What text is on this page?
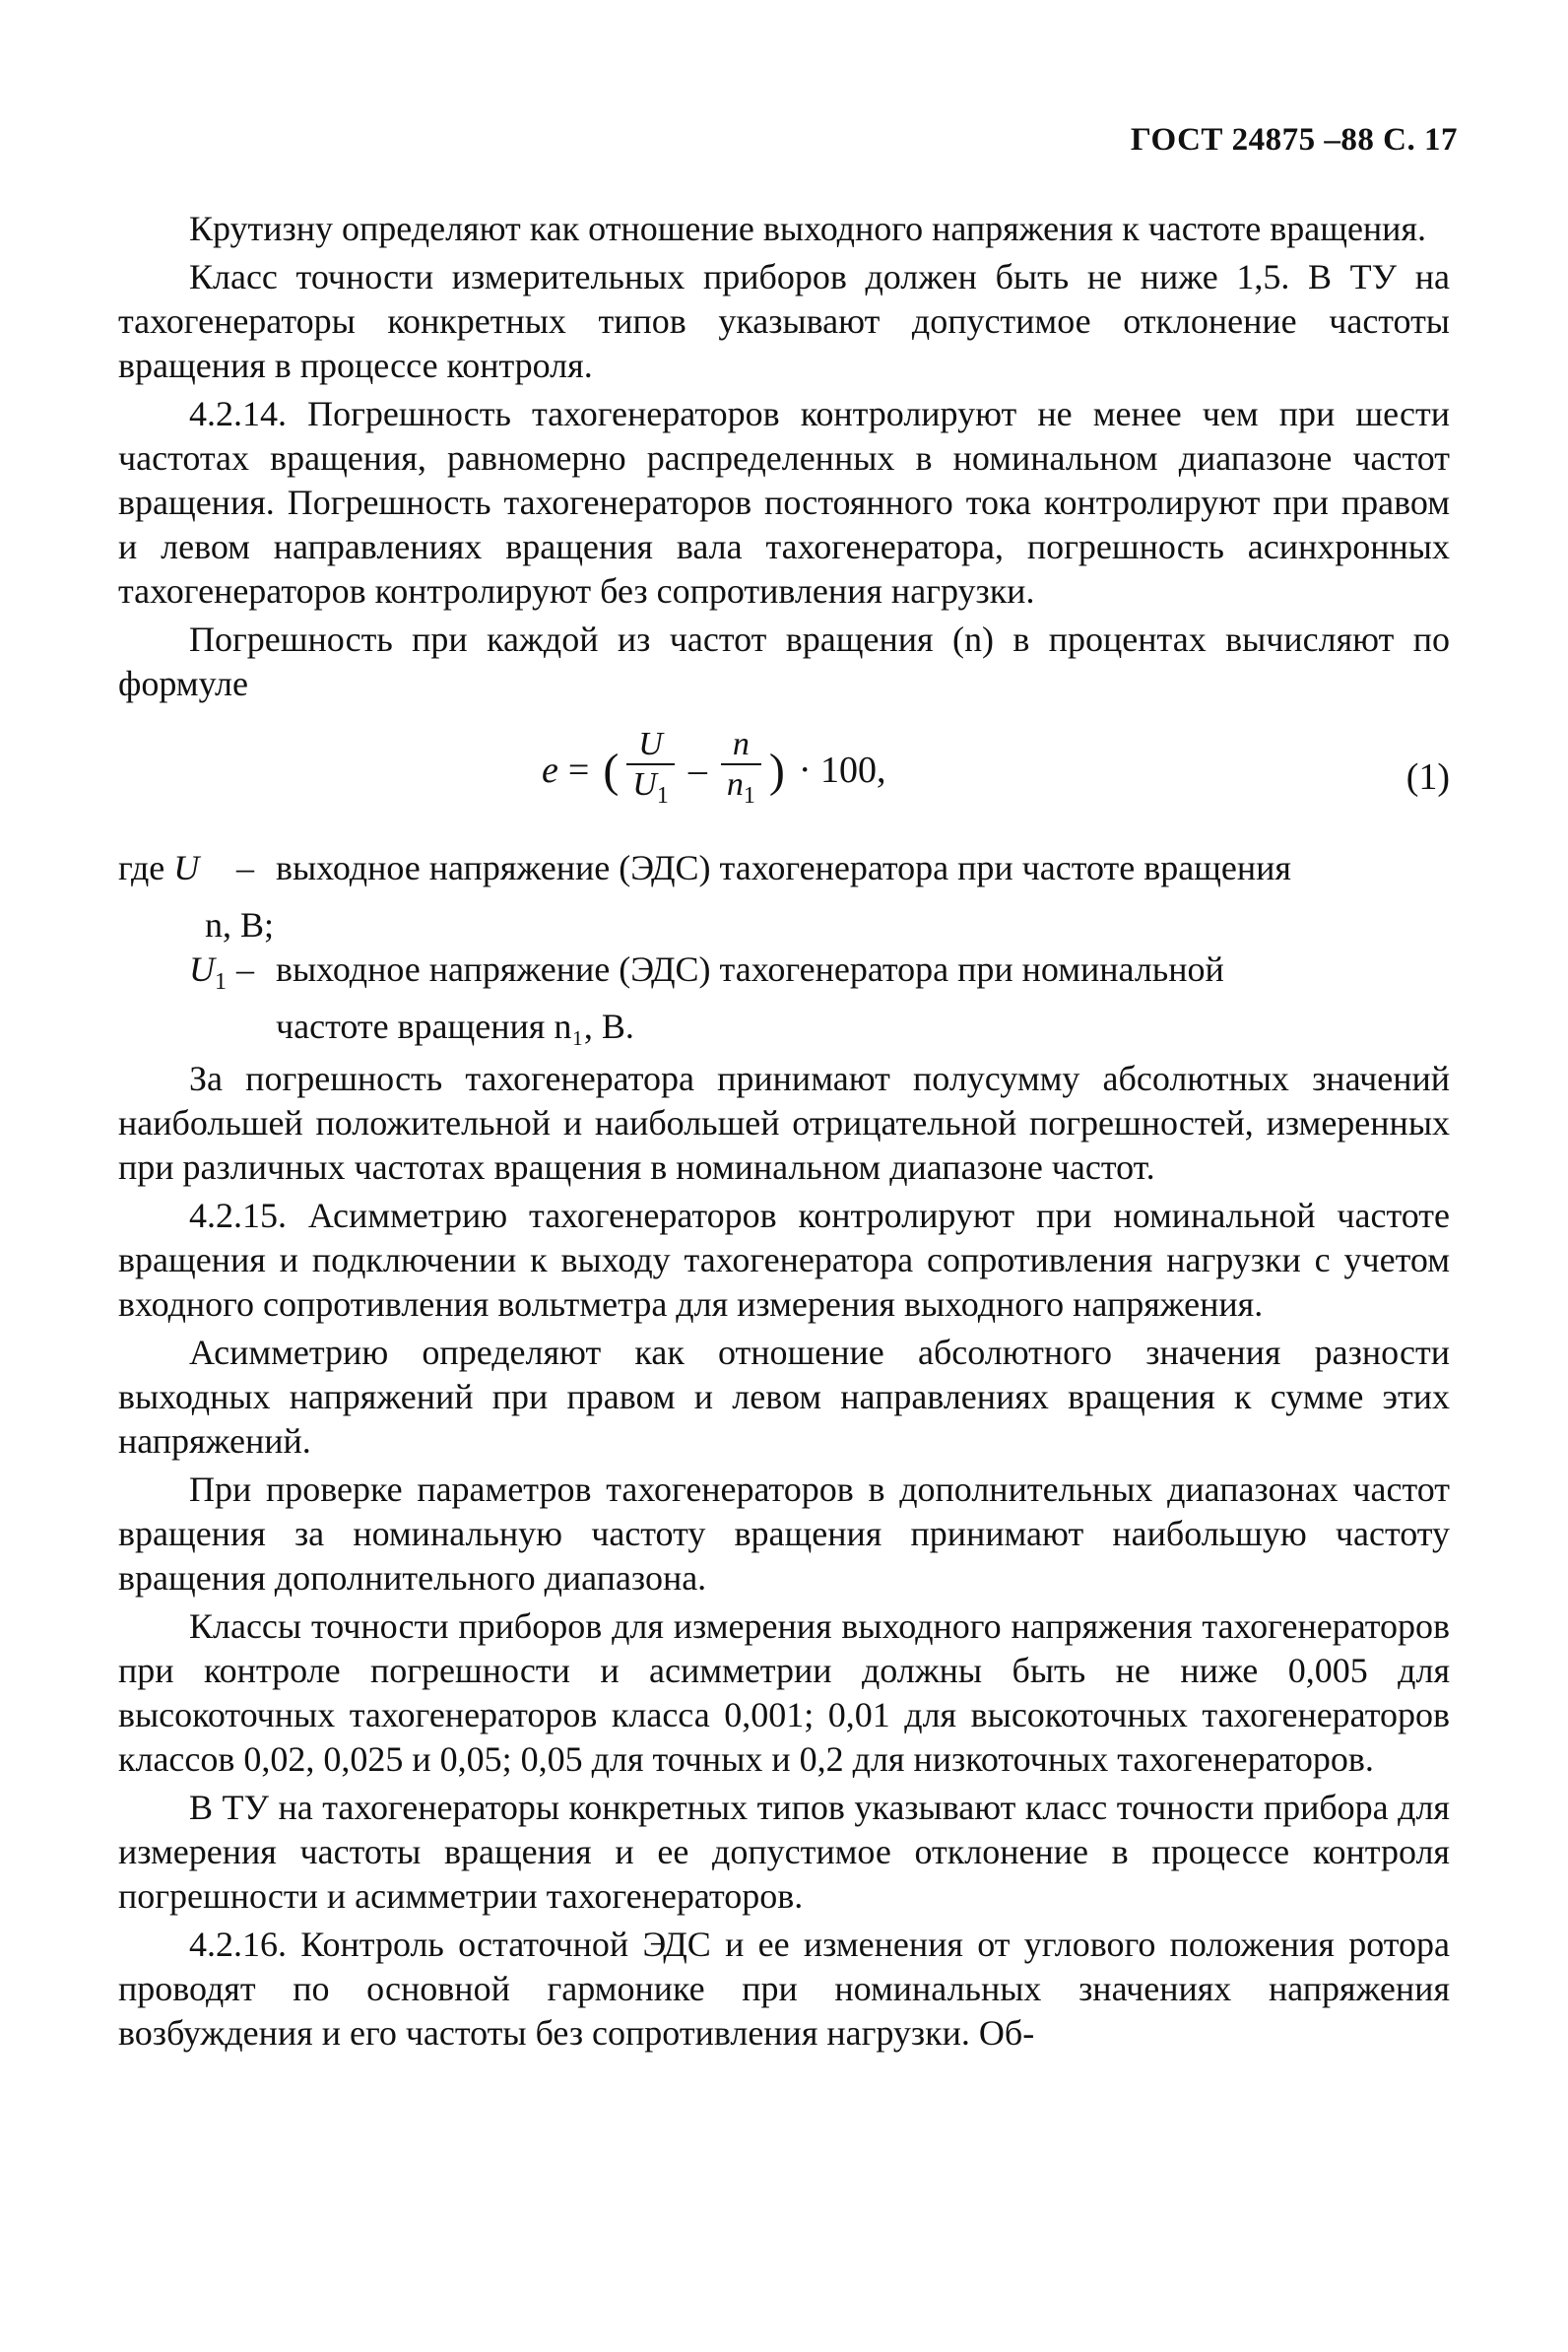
ГОСТ 24875 –88 С. 17

Крутизну определяют как отношение выходного напряжения к частоте вращения.

Класс точности измерительных приборов должен быть не ниже 1,5. В ТУ на тахогенераторы конкретных типов указывают допустимое отклонение частоты вращения в процессе контроля.

4.2.14. Погрешность тахогенераторов контролируют не менее чем при шести частотах вращения, равномерно распределенных в номинальном диапазоне частот вращения. Погрешность тахогенераторов постоянного тока контролируют при правом и левом направлениях вращения вала тахогенератора, погрешность асинхронных тахогенераторов контролируют без сопротивления нагрузки.

Погрешность при каждой из частот вращения (n) в процентах вычисляют по формуле

e = ( $\frac{U}{U_1} - \frac{n}{n_1}$ ) · 100,	(1)
где U	– выходное напряжение (ЭДС) тахогенератора при частоте вращения
n, В;
$U_1$ – выходное напряжение (ЭДС) тахогенератора при номинальной
частоте вращения n₁, В.

За погрешность тахогенератора принимают полусумму абсолютных значений наибольшей положительной и наибольшей отрицательной погрешностей, измеренных при различных частотах вращения в номинальном диапазоне частот.

4.2.15. Асимметрию тахогенераторов контролируют при номинальной частоте вращения и подключении к выходу тахогенератора сопротивления нагрузки с учетом входного сопротивления вольтметра для измерения выходного напряжения.

Асимметрию определяют как отношение абсолютного значения разности выходных напряжений при правом и левом направлениях вращения к сумме этих напряжений.

При проверке параметров тахогенераторов в дополнительных диапазонах частот вращения за номинальную частоту вращения принимают наибольшую частоту вращения дополнительного диапазона.

Классы точности приборов для измерения выходного напряжения тахогенераторов при контроле погрешности и асимметрии должны быть не ниже 0,005 для высокоточных тахогенераторов класса 0,001; 0,01 для высокоточных тахогенераторов классов 0,02, 0,025 и 0,05; 0,05 для точных и 0,2 для низкоточных тахогенераторов.

В ТУ на тахогенераторы конкретных типов указывают класс точности прибора для измерения частоты вращения и ее допустимое отклонение в процессе контроля погрешности и асимметрии тахогенераторов.

4.2.16. Контроль остаточной ЭДС и ее изменения от углового положения ротора проводят по основной гармонике при номинальных значениях напряжения возбуждения и его частоты без сопротивления нагрузки. Об-
